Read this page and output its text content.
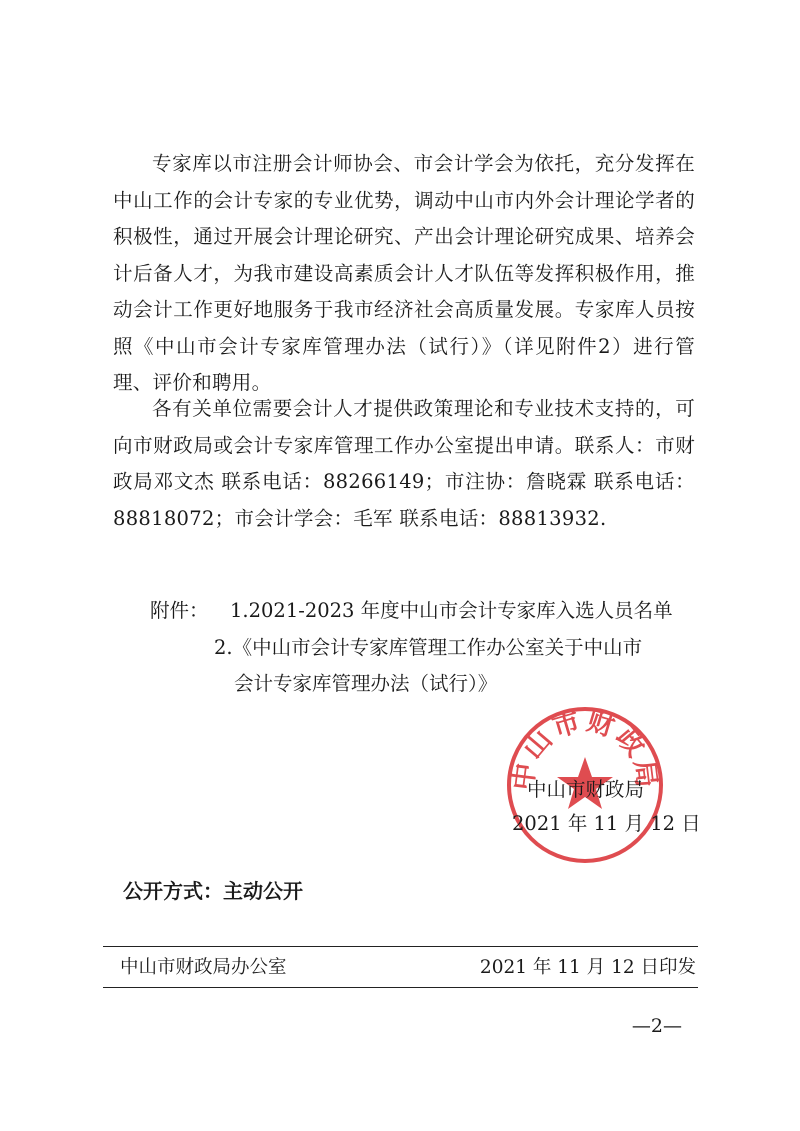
专家库以市注册会计师协会、市会计学会为依托，充分发挥在中山工作的会计专家的专业优势，调动中山市内外会计理论学者的积极性，通过开展会计理论研究、产出会计理论研究成果、培养会计后备人才，为我市建设高素质会计人才队伍等发挥积极作用，推动会计工作更好地服务于我市经济社会高质量发展。专家库人员按照《中山市会计专家库管理办法（试行）》（详见附件2）进行管理、评价和聘用。

各有关单位需要会计人才提供政策理论和专业技术支持的，可向市财政局或会计专家库管理工作办公室提出申请。联系人：市财政局邓文杰 联系电话：88266149；市注协：詹晓霖 联系电话：88818072；市会计学会：毛军 联系电话：88813932.

附件： 1.2021-2023 年度中山市会计专家库入选人员名单
2.《中山市会计专家库管理工作办公室关于中山市
会计专家库管理办法（试行）》
中山市财政局
中山市财政局
2021 年 11 月 12 日
公开方式：主动公开
中山市财政局办公室	2021 年 11 月 12 日印发
—2—
